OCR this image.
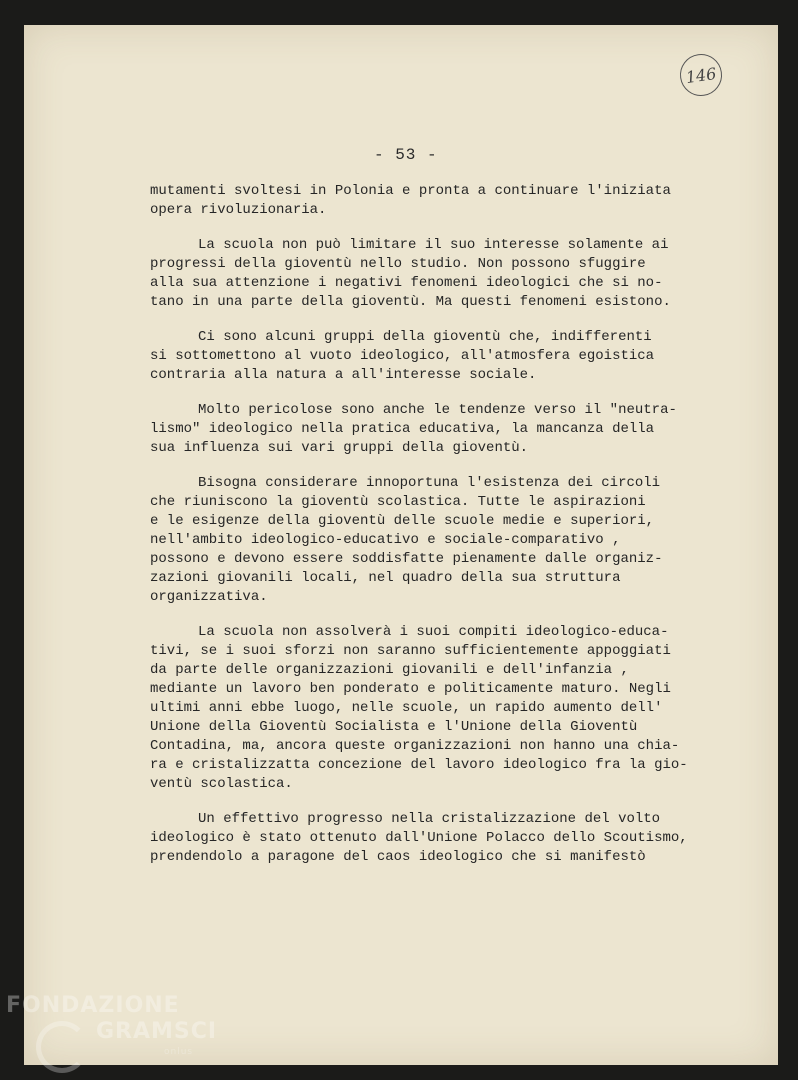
146
- 53 -
mutamenti svoltesi in Polonia e pronta a continuare l'iniziata
opera rivoluzionaria.
La scuola non può limitare il suo interesse solamente ai
progressi della gioventù nello studio. Non possono sfuggire
alla sua attenzione i negativi fenomeni ideologici che si no-
tano in una parte della gioventù. Ma questi fenomeni esistono.
Ci sono alcuni gruppi della gioventù che, indifferenti
si sottomettono al vuoto ideologico, all'atmosfera egoistica
contraria alla natura a all'interesse sociale.
Molto pericolose sono anche le tendenze verso il "neutra-
lismo" ideologico nella pratica educativa, la mancanza della
sua influenza sui vari gruppi della gioventù.
Bisogna considerare innoportuna l'esistenza dei circoli
che riuniscono la gioventù scolastica. Tutte le aspirazioni
e le esigenze della gioventù delle scuole medie e superiori,
nell'ambito ideologico-educativo e sociale-comparativo ,
possono e devono essere soddisfatte pienamente dalle organiz-
zazioni giovanili locali, nel quadro della sua struttura
organizzativa.
La scuola non assolverà i suoi compiti ideologico-educa-
tivi, se i suoi sforzi non saranno sufficientemente appoggiati
da parte delle organizzazioni giovanili e dell'infanzia ,
mediante un lavoro ben ponderato e politicamente maturo. Negli
ultimi anni ebbe luogo, nelle scuole, un rapido aumento dell'
Unione della Gioventù Socialista e l'Unione della Gioventù
Contadina, ma, ancora queste organizzazioni non hanno una chia-
ra e cristalizzatta concezione del lavoro ideologico fra la gio-
ventù scolastica.
Un effettivo progresso nella cristalizzazione del volto
ideologico è stato ottenuto dall'Unione Polacco dello Scoutismo,
prendendolo a paragone del caos ideologico che si manifestò
FONDAZIONE
GRAMSCI
onlus
